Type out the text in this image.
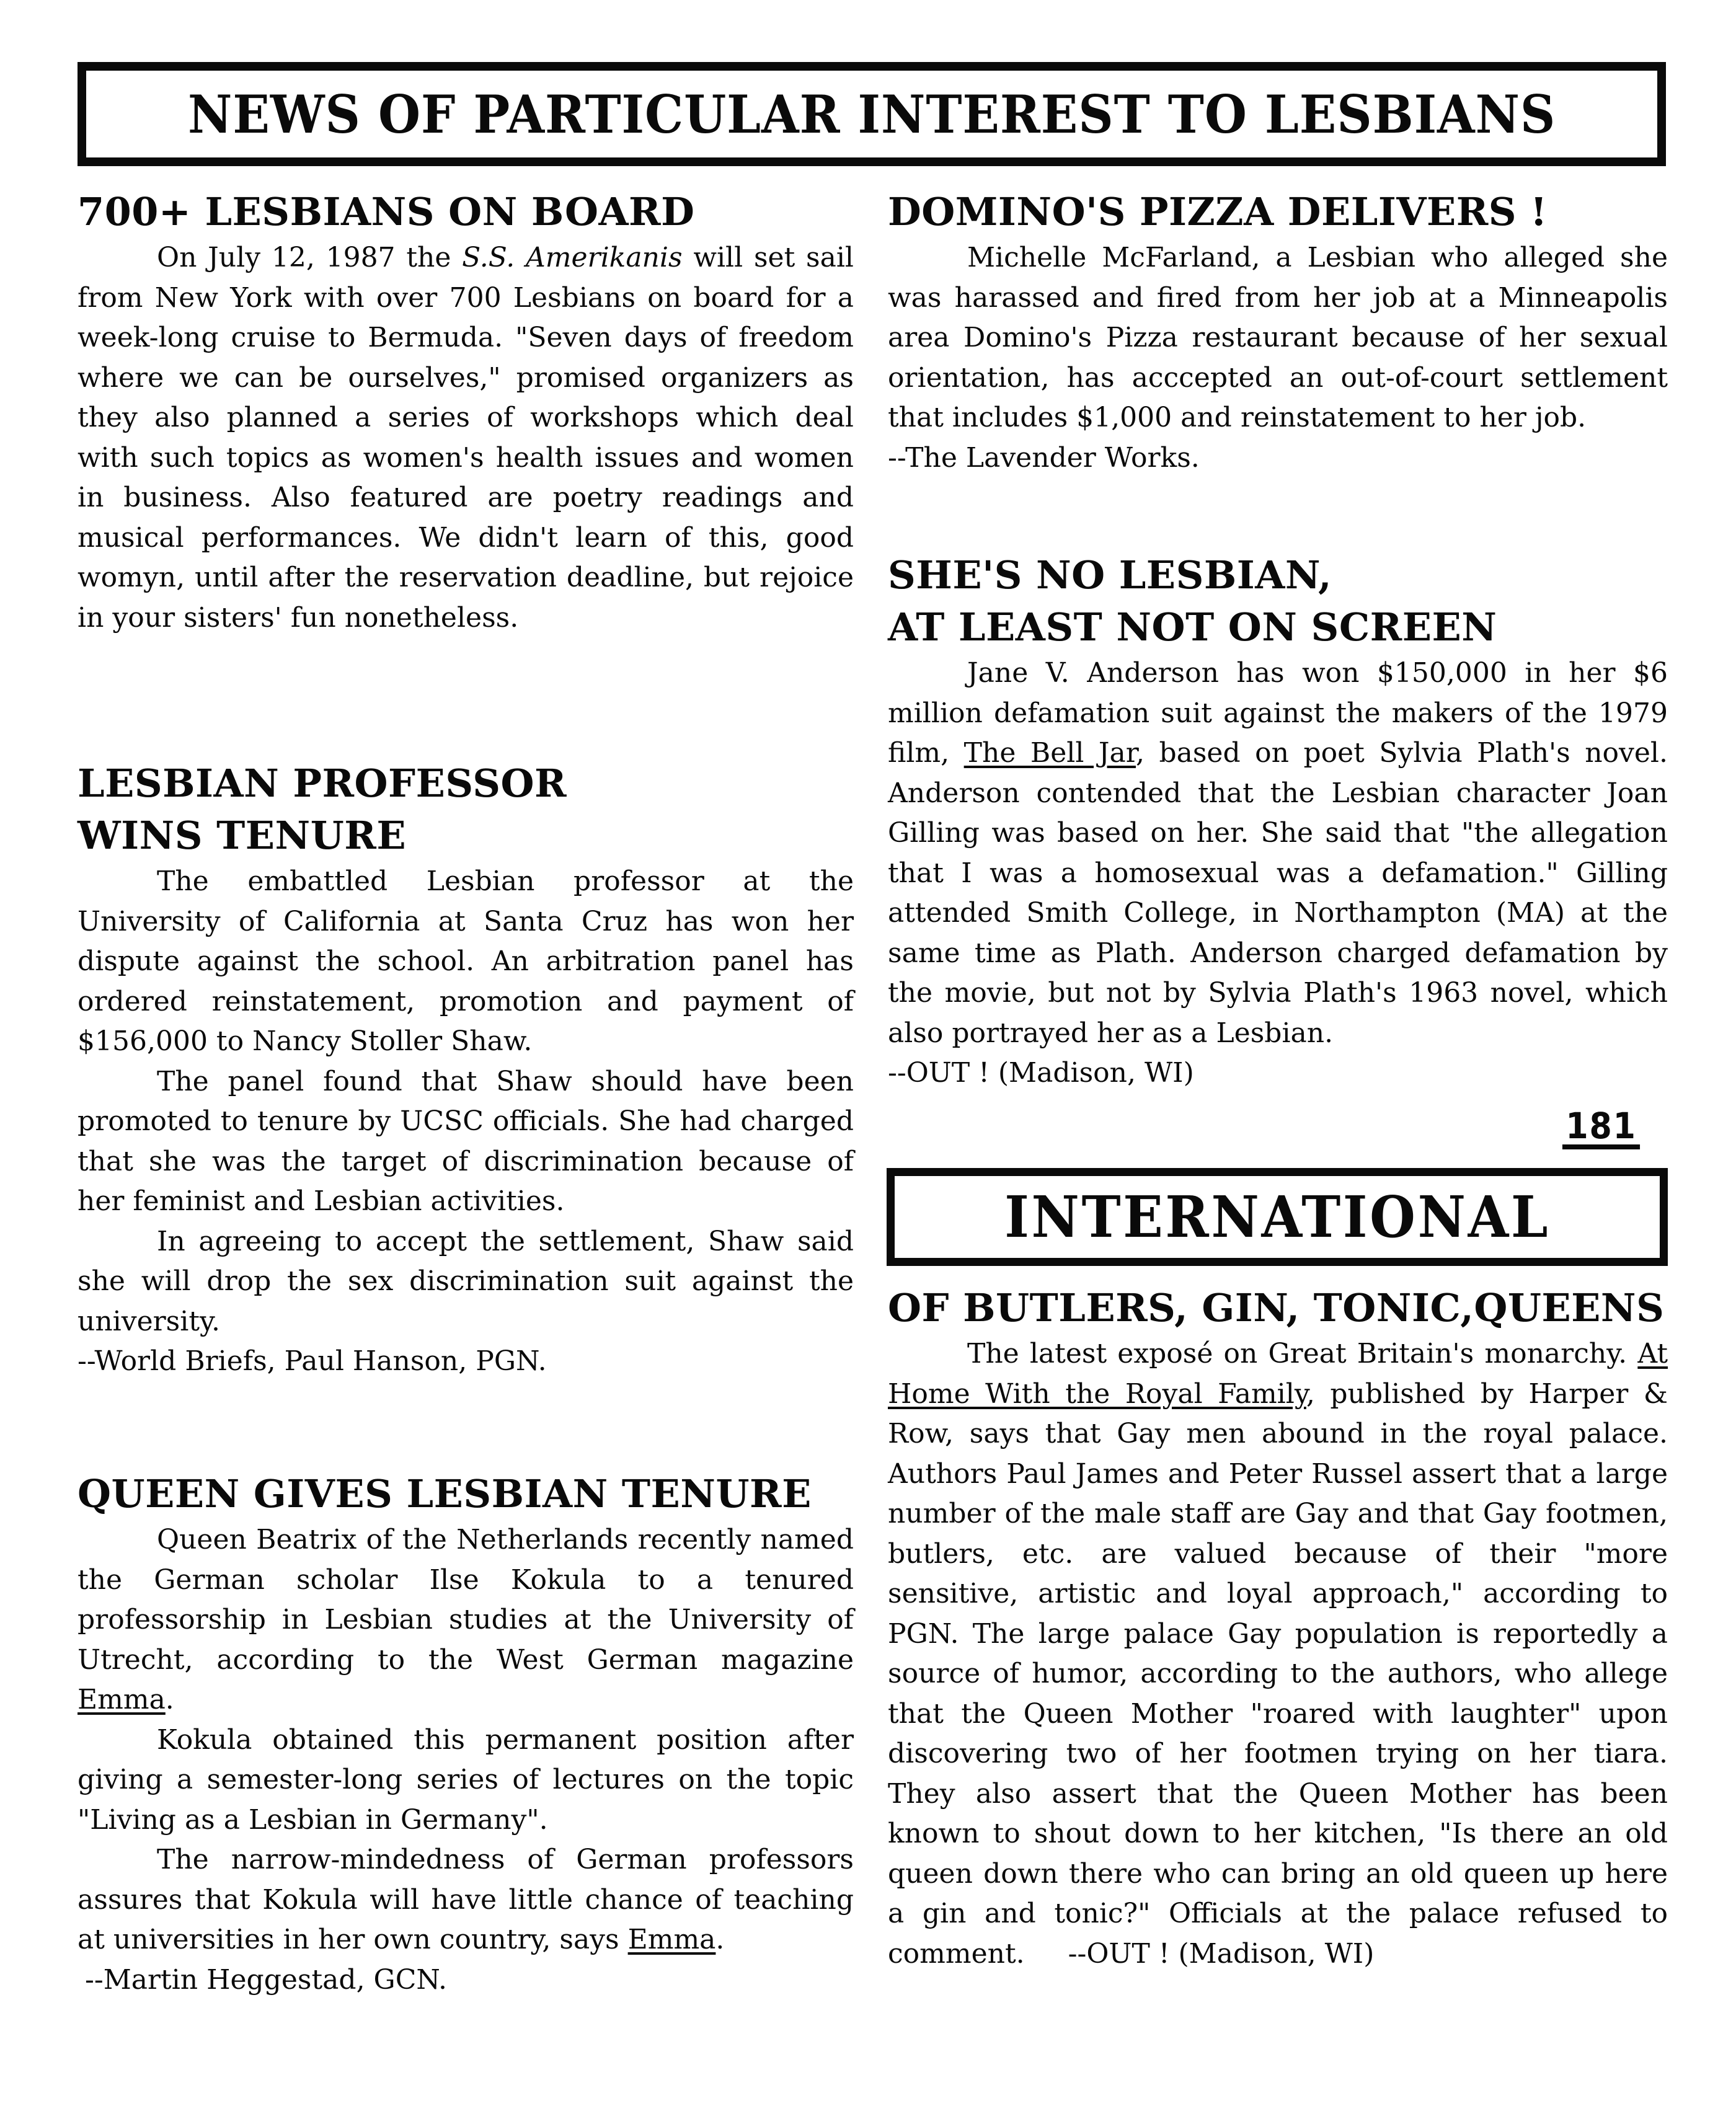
NEWS OF PARTICULAR INTEREST TO LESBIANS
700+ LESBIANS ON BOARD

On July 12, 1987 the S.S. Amerikanis will set sail from New York with over 700 Lesbians on board for a week-long cruise to Bermuda. "Seven days of freedom where we can be ourselves," promised organizers as they also planned a series of workshops which deal with such topics as women's health issues and women in business. Also featured are poetry readings and musical performances. We didn't learn of this, good womyn, until after the reservation deadline, but rejoice in your sisters' fun nonetheless.

LESBIAN PROFESSOR
WINS TENURE

The embattled Lesbian professor at the University of California at Santa Cruz has won her dispute against the school. An arbitration panel has ordered reinstatement, promotion and payment of $156,000 to Nancy Stoller Shaw.

The panel found that Shaw should have been promoted to tenure by UCSC officials. She had charged that she was the target of discrimination because of her feminist and Lesbian activities.

In agreeing to accept the settlement, Shaw said she will drop the sex discrimination suit against the university.

--World Briefs, Paul Hanson, PGN.
QUEEN GIVES LESBIAN TENURE

Queen Beatrix of the Netherlands recently named the German scholar Ilse Kokula to a tenured professorship in Lesbian studies at the University of Utrecht, according to the West German magazine Emma.

Kokula obtained this permanent position after giving a semester-long series of lectures on the topic "Living as a Lesbian in Germany".

The narrow-mindedness of German professors assures that Kokula will have little chance of teaching at universities in her own country, says Emma.

--Martin Heggestad, GCN.
DOMINO'S PIZZA DELIVERS !

Michelle McFarland, a Lesbian who alleged she was harassed and fired from her job at a Minneapolis area Domino's Pizza restaurant because of her sexual orientation, has acccepted an out-of-court settlement that includes $1,000 and reinstatement to her job.

--The Lavender Works.
SHE'S NO LESBIAN,
AT LEAST NOT ON SCREEN

Jane V. Anderson has won $150,000 in her $6 million defamation suit against the makers of the 1979 film, The Bell Jar, based on poet Sylvia Plath's novel. Anderson contended that the Lesbian character Joan Gilling was based on her. She said that "the allegation that I was a homosexual was a defamation." Gilling attended Smith College, in Northampton (MA) at the same time as Plath. Anderson charged defamation by the movie, but not by Sylvia Plath's 1963 novel, which also portrayed her as a Lesbian.

--OUT ! (Madison, WI)
181
INTERNATIONAL
OF BUTLERS, GIN, TONIC,QUEENS

The latest exposé on Great Britain's monarchy. At Home With the Royal Family, published by Harper & Row, says that Gay men abound in the royal palace. Authors Paul James and Peter Russel assert that a large number of the male staff are Gay and that Gay footmen, butlers, etc. are valued because of their "more sensitive, artistic and loyal approach," according to PGN. The large palace Gay population is reportedly a source of humor, according to the authors, who allege that the Queen Mother "roared with laughter" upon discovering two of her footmen trying on her tiara. They also assert that the Queen Mother has been known to shout down to her kitchen, "Is there an old queen down there who can bring an old queen up here a gin and tonic?" Officials at the palace refused to comment. --OUT ! (Madison, WI)
